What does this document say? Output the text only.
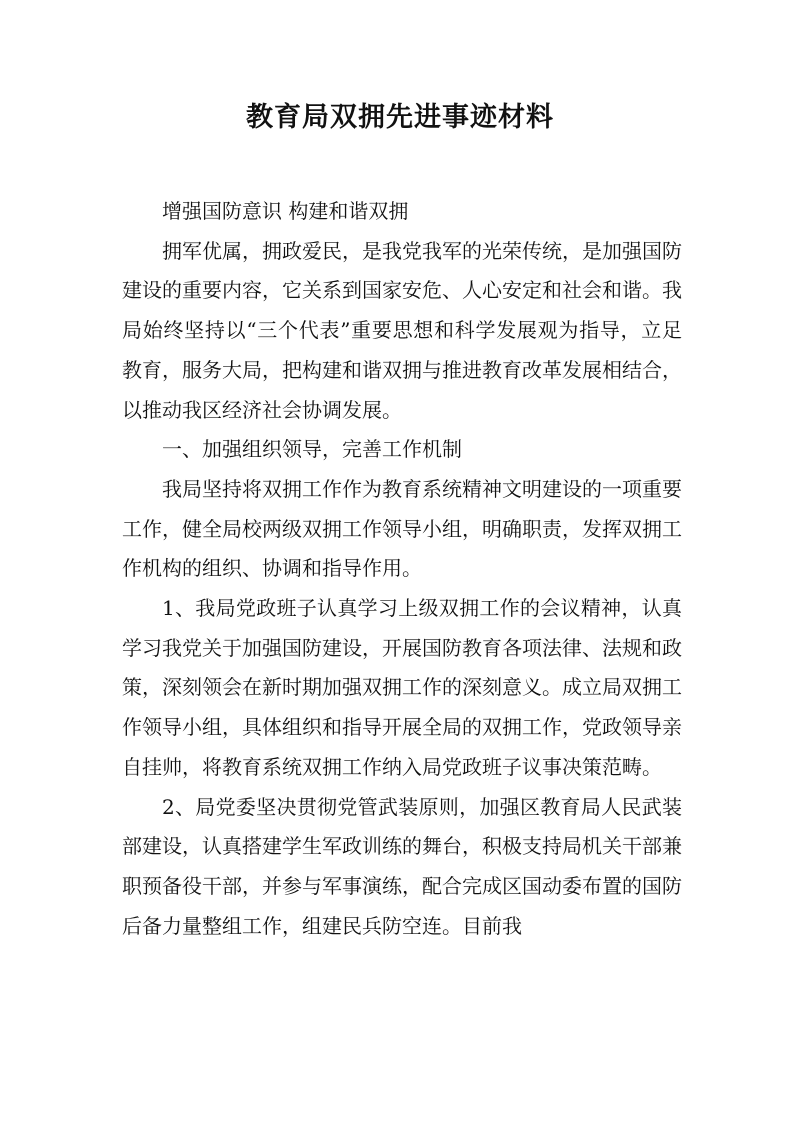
教育局双拥先进事迹材料

增强国防意识 构建和谐双拥

拥军优属，拥政爱民，是我党我军的光荣传统，是加强国防建设的重要内容，它关系到国家安危、人心安定和社会和谐。我局始终坚持以“三个代表”重要思想和科学发展观为指导，立足教育，服务大局，把构建和谐双拥与推进教育改革发展相结合，以推动我区经济社会协调发展。

一、加强组织领导，完善工作机制

我局坚持将双拥工作作为教育系统精神文明建设的一项重要工作，健全局校两级双拥工作领导小组，明确职责，发挥双拥工作机构的组织、协调和指导作用。

1、我局党政班子认真学习上级双拥工作的会议精神，认真学习我党关于加强国防建设，开展国防教育各项法律、法规和政策，深刻领会在新时期加强双拥工作的深刻意义。成立局双拥工作领导小组，具体组织和指导开展全局的双拥工作，党政领导亲自挂帅，将教育系统双拥工作纳入局党政班子议事决策范畴。

2、局党委坚决贯彻党管武装原则，加强区教育局人民武装部建设，认真搭建学生军政训练的舞台，积极支持局机关干部兼职预备役干部，并参与军事演练，配合完成区国动委布置的国防后备力量整组工作，组建民兵防空连。目前我
